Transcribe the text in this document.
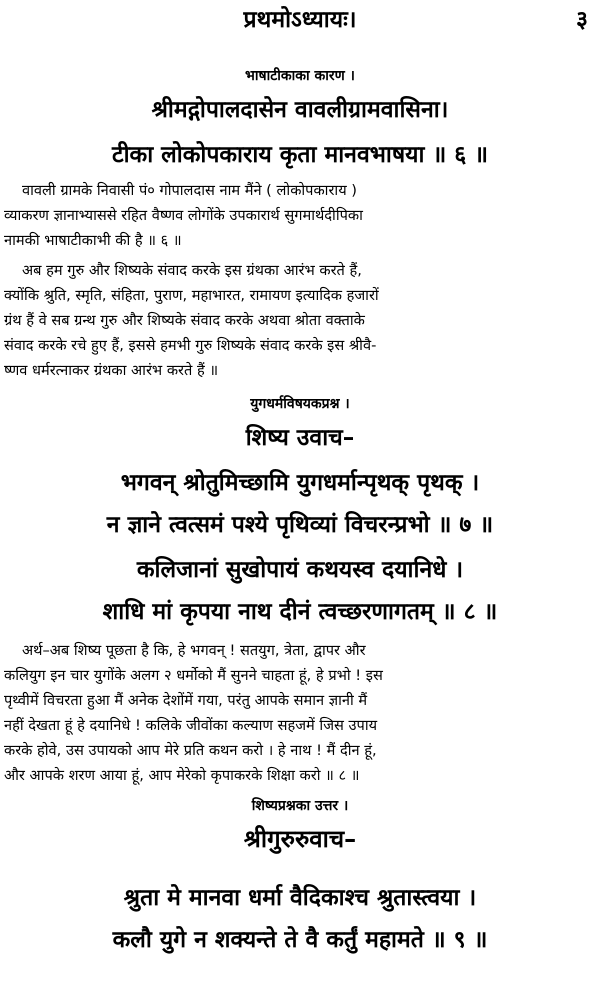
प्रथमोऽध्यायः।	३
भाषाटीकाका कारण ।
श्रीमद्गोपालदासेन वावलीग्रामवासिना।
टीका लोकोपकाराय कृता मानवभाषया ॥ ६ ॥
वावली ग्रामके निवासी पं० गोपालदास नाम मैंने ( लोकोपकाराय )
व्याकरण ज्ञानाभ्याससे रहित वैष्णव लोगोंके उपकारार्थ सुगमार्थदीपिका
नामकी भाषाटीकाभी की है ॥ ६ ॥
अब हम गुरु और शिष्यके संवाद करके इस ग्रंथका आरंभ करते हैं,
क्योंकि श्रुति, स्मृति, संहिता, पुराण, महाभारत, रामायण इत्यादिक हजारों
ग्रंथ हैं वे सब ग्रन्थ गुरु और शिष्यके संवाद करके अथवा श्रोता वक्ताके
संवाद करके रचे हुए हैं, इससे हमभी गुरु शिष्यके संवाद करके इस श्रीवै-
ष्णव धर्मरत्नाकर ग्रंथका आरंभ करते हैं ॥
युगधर्मविषयकप्रश्न ।
शिष्य उवाच–
भगवन्‌ श्रोतुमिच्छामि युगधर्मान्पृथक्‌ पृथक्‌ ।
न ज्ञाने त्वत्समं पश्ये पृथिव्यां विचरन्प्रभो ॥ ७ ॥
कलिजानां सुखोपायं कथयस्व दयानिधे ।
शाधि मां कृपया नाथ दीनं त्वच्छरणागतम्‌ ॥ ८ ॥
अर्थ–अब शिष्य पूछता है कि, हे भगवन् ! सतयुग, त्रेता, द्वापर और
कलियुग इन चार युगोंके अलग २ धर्मोको मैं सुनने चाहता हूं, हे प्रभो ! इस
पृथ्वीमें विचरता हुआ मैं अनेक देशोंमें गया, परंतु आपके समान ज्ञानी मैं
नहीं देखता हूं हे दयानिधे ! कलिके जीवोंका कल्याण सहजमें जिस उपाय
करके होवे, उस उपायको आप मेरे प्रति कथन करो । हे नाथ ! मैं दीन हूं,
और आपके शरण आया हूं, आप मेरेको कृपाकरके शिक्षा करो ॥ ८ ॥
शिष्यप्रश्नका उत्तर ।
श्रीगुरुरुवाच–
श्रुता मे मानवा धर्मा वैदिकाश्च श्रुतास्त्वया ।
कलौ युगे न शक्यन्ते ते वै कर्तुं महामते ॥ ९ ॥
